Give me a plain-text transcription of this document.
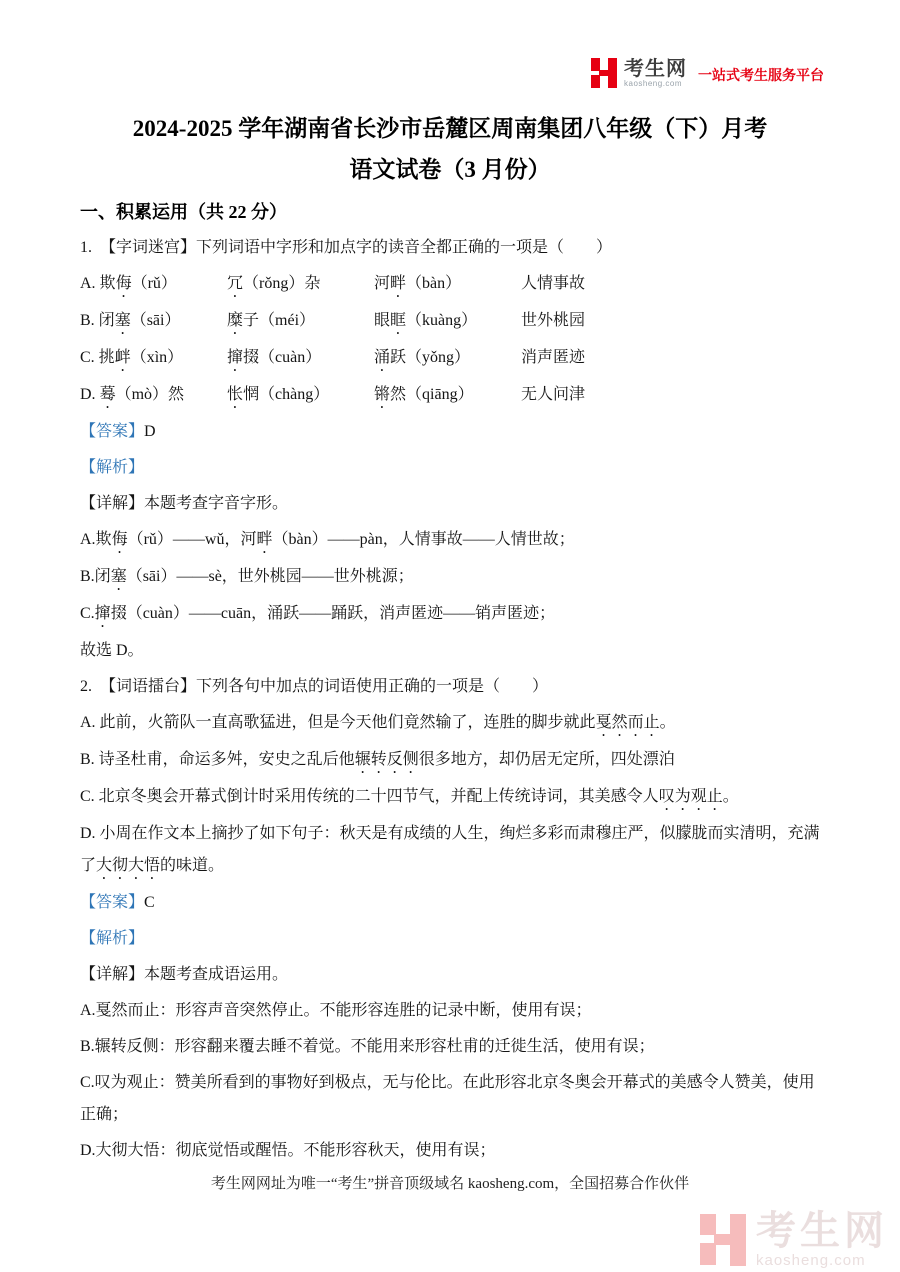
考生网
kaosheng.com
一站式考生服务平台
2024-2025 学年湖南省长沙市岳麓区周南集团八年级（下）月考
语文试卷（3 月份）
一、积累运用（共 22 分）
1.　【字词迷宫】下列词语中字形和加点字的读音全都正确的一项是（　　）
A. 欺侮（rǔ）	冗（rǒng）杂	河畔（bàn）	人情事故
B. 闭塞（sāi）	糜子（méi）	眼眶（kuàng）	世外桃园
C. 挑衅（xìn）	撺掇（cuàn）	涌跃（yǒng）	消声匿迹
D. 蓦（mò）然	怅惘（chàng）	锵然（qiāng）	无人问津
【答案】D
【解析】
【详解】本题考查字音字形。
A.欺侮（rǔ）——wǔ，河畔（bàn）——pàn，人情事故——人情世故；
B.闭塞（sāi）——sè，世外桃园——世外桃源；
C.撺掇（cuàn）——cuān，涌跃——踊跃，消声匿迹——销声匿迹；
故选 D。
2.　【词语擂台】下列各句中加点的词语使用正确的一项是（　　）
A. 此前，火箭队一直高歌猛进，但是今天他们竟然输了，连胜的脚步就此戛然而止。
B. 诗圣杜甫，命运多舛，安史之乱后他辗转反侧很多地方，却仍居无定所，四处漂泊
C. 北京冬奥会开幕式倒计时采用传统的二十四节气，并配上传统诗词，其美感令人叹为观止。
D. 小周在作文本上摘抄了如下句子：秋天是有成绩的人生，绚烂多彩而肃穆庄严，似朦胧而实清明，充满了大彻大悟的味道。
【答案】C
【解析】
【详解】本题考查成语运用。
A.戛然而止：形容声音突然停止。不能形容连胜的记录中断，使用有误；
B.辗转反侧：形容翻来覆去睡不着觉。不能用来形容杜甫的迁徙生活，使用有误；
C.叹为观止：赞美所看到的事物好到极点，无与伦比。在此形容北京冬奥会开幕式的美感令人赞美，使用正确；
D.大彻大悟：彻底觉悟或醒悟。不能形容秋天，使用有误；
考生网网址为唯一“考生”拼音顶级域名 kaosheng.com，全国招募合作伙伴
考生网
kaosheng.com
